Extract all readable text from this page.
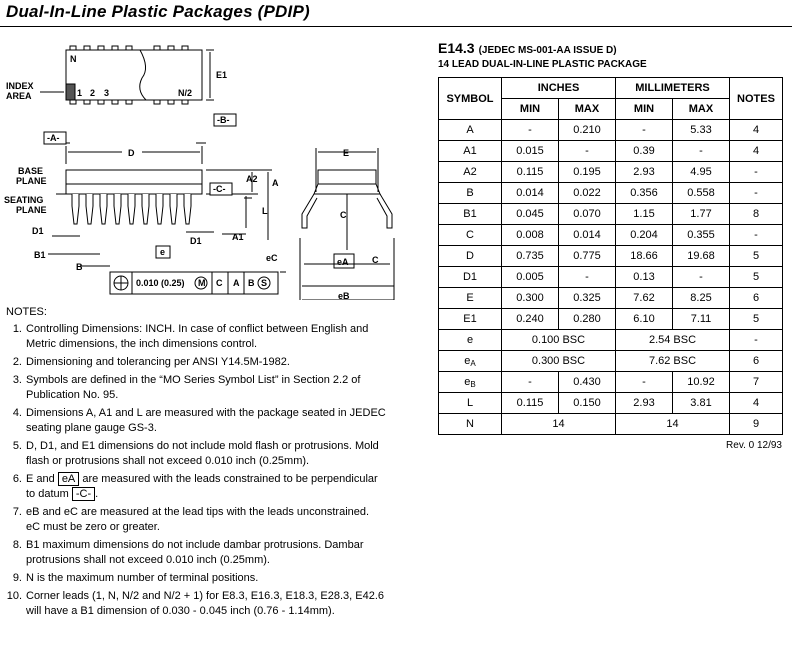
Dual-In-Line Plastic Packages (PDIP)
N
1 2 3	N/2
INDEX
AREA
E1
-B-
-A-
D
BASE
PLANE
SEATING
PLANE
-C-
A2 A
L
D1
D1	A1
B1
B
e
0.010 (0.25) M C A B S
E
C
eA
eC
eB
C
NOTES:
1. Controlling Dimensions: INCH. In case of conflict between English and Metric dimensions, the inch dimensions control.
2. Dimensioning and tolerancing per ANSI Y14.5M-1982.
3. Symbols are defined in the “MO Series Symbol List” in Section 2.2 of Publication No. 95.
4. Dimensions A, A1 and L are measured with the package seated in JEDEC seating plane gauge GS-3.
5. D, D1, and E1 dimensions do not include mold flash or protrusions. Mold flash or protrusions shall not exceed 0.010 inch (0.25mm).
6. E and eA are measured with the leads constrained to be perpendicular to datum -C- .
7. eB and eC are measured at the lead tips with the leads unconstrained. eC must be zero or greater.
8. B1 maximum dimensions do not include dambar protrusions. Dambar protrusions shall not exceed 0.010 inch (0.25mm).
9. N is the maximum number of terminal positions.
10. Corner leads (1, N, N/2 and N/2 + 1) for E8.3, E16.3, E18.3, E28.3, E42.6 will have a B1 dimension of 0.030 - 0.045 inch (0.76 - 1.14mm).
E14.3 (JEDEC MS-001-AA ISSUE D)
14 LEAD DUAL-IN-LINE PLASTIC PACKAGE
SYMBOL	INCHES		MILLIMETERS		NOTES
	MIN	MAX	MIN	MAX	
A	-	0.210	-	5.33	4
A1	0.015	-	0.39	-	4
A2	0.115	0.195	2.93	4.95	-
B	0.014	0.022	0.356	0.558	-
B1	0.045	0.070	1.15	1.77	8
C	0.008	0.014	0.204	0.355	-
D	0.735	0.775	18.66	19.68	5
D1	0.005	-	0.13	-	5
E	0.300	0.325	7.62	8.25	6
E1	0.240	0.280	6.10	7.11	5
e	0.100 BSC		2.54 BSC		-
$e_A$	0.300 BSC		7.62 BSC		6
$e_B$	-	0.430	-	10.92	7
L	0.115	0.150	2.93	3.81	4
N	14		14		9
Rev. 0 12/93
